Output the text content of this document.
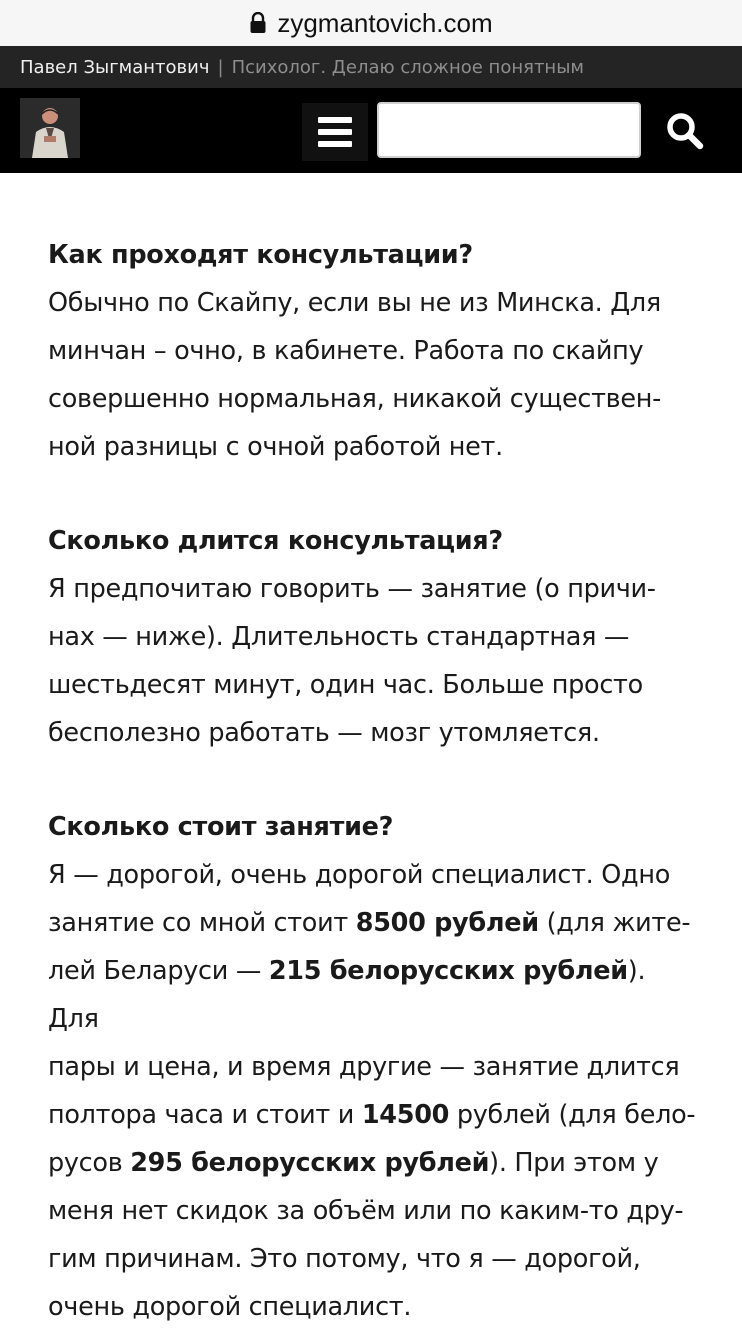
zygmantovich.com
Павел Зыгмантович | Психолог. Делаю сложное понятным

Как проходят консультации?

Обычно по Скайпу, если вы не из Минска. Для
минчан – очно, в кабинете. Работа по скайпу
совершенно нормальная, никакой существен-
ной разницы с очной работой нет.

Сколько длится консультация?

Я предпочитаю говорить — занятие (о причи-
нах — ниже). Длительность стандартная —
шестьдесят минут, один час. Больше просто
бесполезно работать — мозг утомляется.

Сколько стоит занятие?

Я — дорогой, очень дорогой специалист. Одно
занятие со мной стоит 8500 рублей (для жите-
лей Беларуси — 215 белорусских рублей). Для
пары и цена, и время другие — занятие длится
полтора часа и стоит и 14500 рублей (для бело-
русов 295 белорусских рублей). При этом у
меня нет скидок за объём или по каким-то дру-
гим причинам. Это потому, что я — дорогой,
очень дорогой специалист.
